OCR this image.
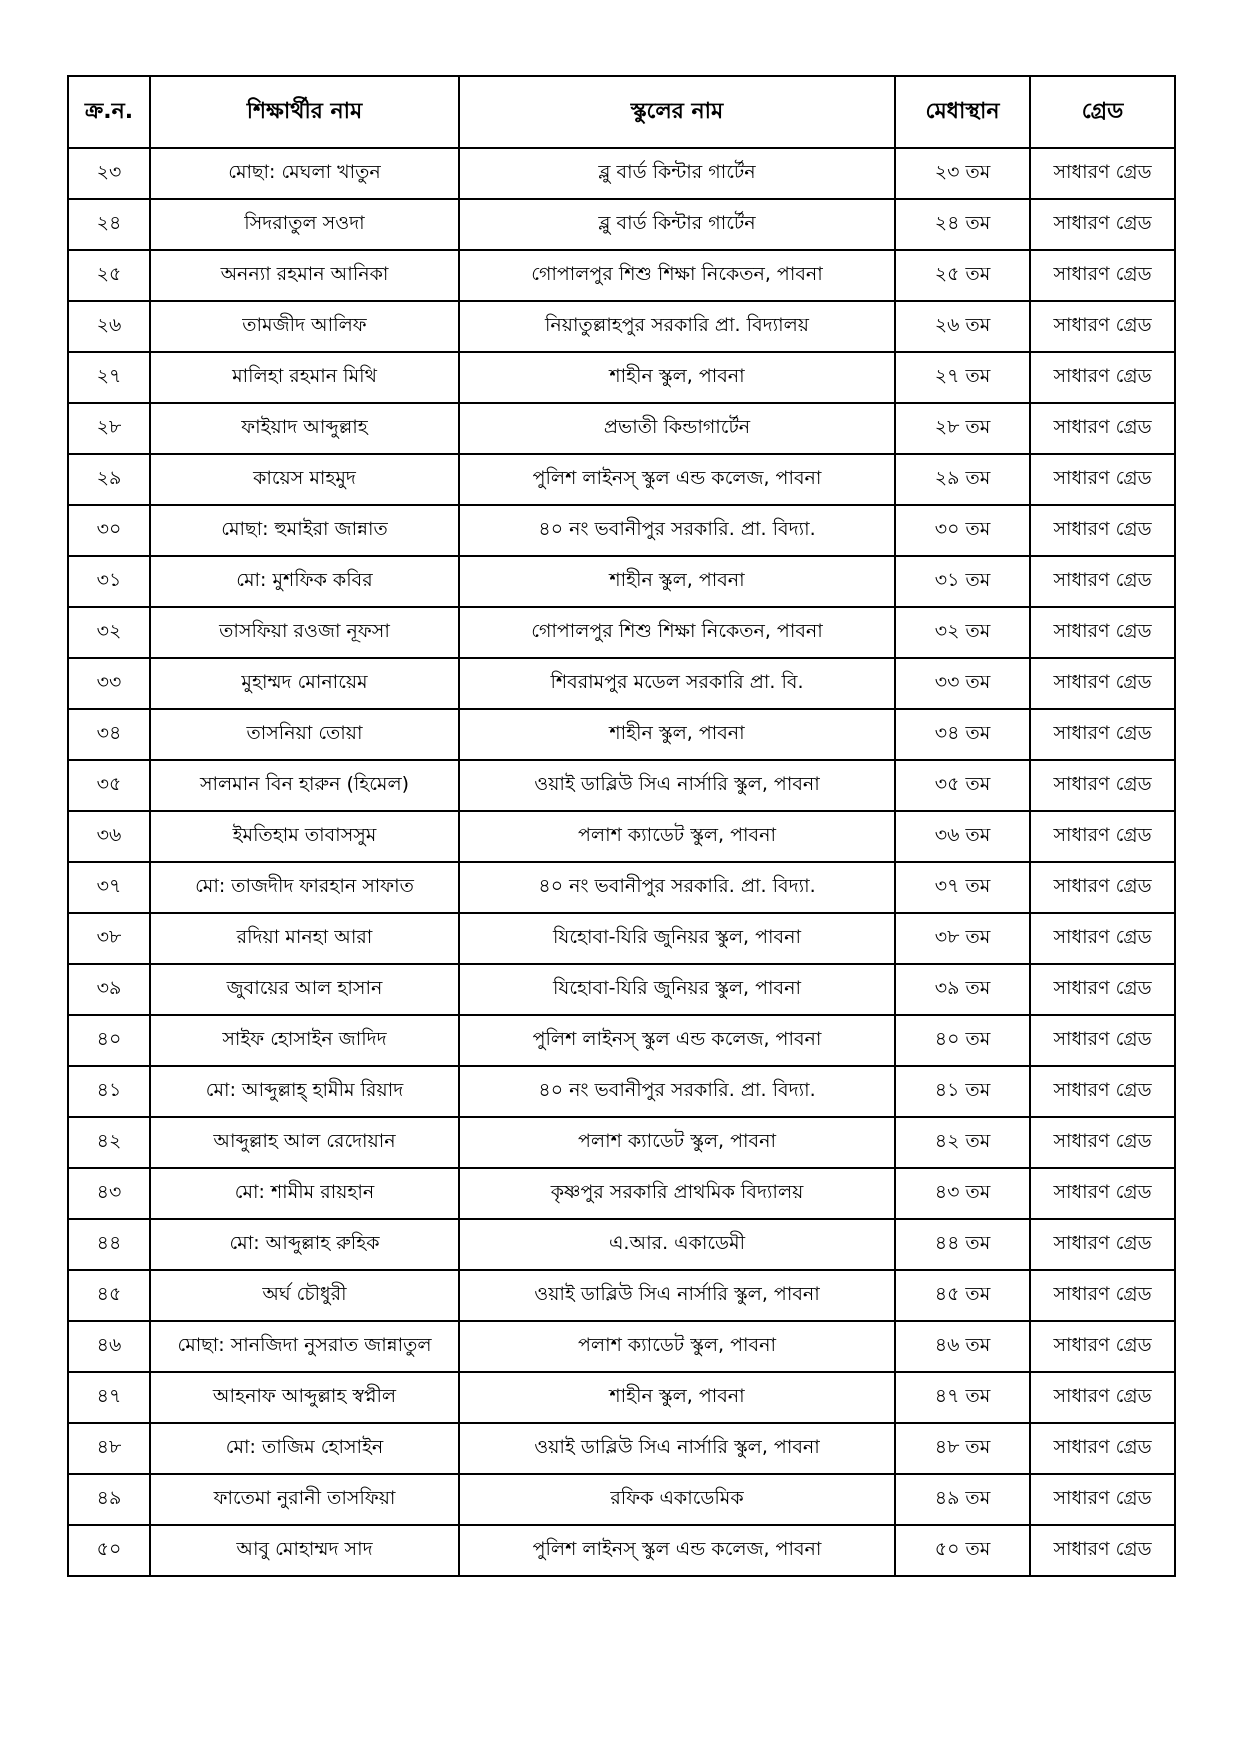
ক্র.ন.	শিক্ষার্থীর নাম	স্কুলের নাম	মেধাস্থান	গ্রেড
২৩	মোছা: মেঘলা খাতুন	ব্লু বার্ড কিন্টার গার্টেন	২৩ তম	সাধারণ গ্রেড
২৪	সিদরাতুল সওদা	ব্লু বার্ড কিন্টার গার্টেন	২৪ তম	সাধারণ গ্রেড
২৫	অনন্যা রহমান আনিকা	গোপালপুর শিশু শিক্ষা নিকেতন, পাবনা	২৫ তম	সাধারণ গ্রেড
২৬	তামজীদ আলিফ	নিয়াতুল্লাহপুর সরকারি প্রা. বিদ্যালয়	২৬ তম	সাধারণ গ্রেড
২৭	মালিহা রহমান মিথি	শাহীন স্কুল, পাবনা	২৭ তম	সাধারণ গ্রেড
২৮	ফাইয়াদ আব্দুল্লাহ	প্রভাতী কিন্ডাগার্টেন	২৮ তম	সাধারণ গ্রেড
২৯	কায়েস মাহমুদ	পুলিশ লাইনস্ স্কুল এন্ড কলেজ, পাবনা	২৯ তম	সাধারণ গ্রেড
৩০	মোছা: হুমাইরা জান্নাত	৪০ নং ভবানীপুর সরকারি. প্রা. বিদ্যা.	৩০ তম	সাধারণ গ্রেড
৩১	মো: মুশফিক কবির	শাহীন স্কুল, পাবনা	৩১ তম	সাধারণ গ্রেড
৩২	তাসফিয়া রওজা নূফসা	গোপালপুর শিশু শিক্ষা নিকেতন, পাবনা	৩২ তম	সাধারণ গ্রেড
৩৩	মুহাম্মদ মোনায়েম	শিবরামপুর মডেল সরকারি প্রা. বি.	৩৩ তম	সাধারণ গ্রেড
৩৪	তাসনিয়া তোয়া	শাহীন স্কুল, পাবনা	৩৪ তম	সাধারণ গ্রেড
৩৫	সালমান বিন হারুন (হিমেল)	ওয়াই ডাব্লিউ সিএ নার্সারি স্কুল, পাবনা	৩৫ তম	সাধারণ গ্রেড
৩৬	ইমতিহাম তাবাসসুম	পলাশ ক্যাডেট স্কুল, পাবনা	৩৬ তম	সাধারণ গ্রেড
৩৭	মো: তাজদীদ ফারহান সাফাত	৪০ নং ভবানীপুর সরকারি. প্রা. বিদ্যা.	৩৭ তম	সাধারণ গ্রেড
৩৮	রদিয়া মানহা আরা	যিহোবা-যিরি জুনিয়র স্কুল, পাবনা	৩৮ তম	সাধারণ গ্রেড
৩৯	জুবায়ের আল হাসান	যিহোবা-যিরি জুনিয়র স্কুল, পাবনা	৩৯ তম	সাধারণ গ্রেড
৪০	সাইফ হোসাইন জাদিদ	পুলিশ লাইনস্ স্কুল এন্ড কলেজ, পাবনা	৪০ তম	সাধারণ গ্রেড
৪১	মো: আব্দুল্লাহ্ হামীম রিয়াদ	৪০ নং ভবানীপুর সরকারি. প্রা. বিদ্যা.	৪১ তম	সাধারণ গ্রেড
৪২	আব্দুল্লাহ আল রেদোয়ান	পলাশ ক্যাডেট স্কুল, পাবনা	৪২ তম	সাধারণ গ্রেড
৪৩	মো: শামীম রায়হান	কৃষ্ণপুর সরকারি প্রাথমিক বিদ্যালয়	৪৩ তম	সাধারণ গ্রেড
৪৪	মো: আব্দুল্লাহ রুহিক	এ.আর. একাডেমী	৪৪ তম	সাধারণ গ্রেড
৪৫	অর্ঘ চৌধুরী	ওয়াই ডাব্লিউ সিএ নার্সারি স্কুল, পাবনা	৪৫ তম	সাধারণ গ্রেড
৪৬	মোছা: সানজিদা নুসরাত জান্নাতুল	পলাশ ক্যাডেট স্কুল, পাবনা	৪৬ তম	সাধারণ গ্রেড
৪৭	আহনাফ আব্দুল্লাহ স্বপ্নীল	শাহীন স্কুল, পাবনা	৪৭ তম	সাধারণ গ্রেড
৪৮	মো: তাজিম হোসাইন	ওয়াই ডাব্লিউ সিএ নার্সারি স্কুল, পাবনা	৪৮ তম	সাধারণ গ্রেড
৪৯	ফাতেমা নুরানী তাসফিয়া	রফিক একাডেমিক	৪৯ তম	সাধারণ গ্রেড
৫০	আবু মোহাম্মদ সাদ	পুলিশ লাইনস্ স্কুল এন্ড কলেজ, পাবনা	৫০ তম	সাধারণ গ্রেড
